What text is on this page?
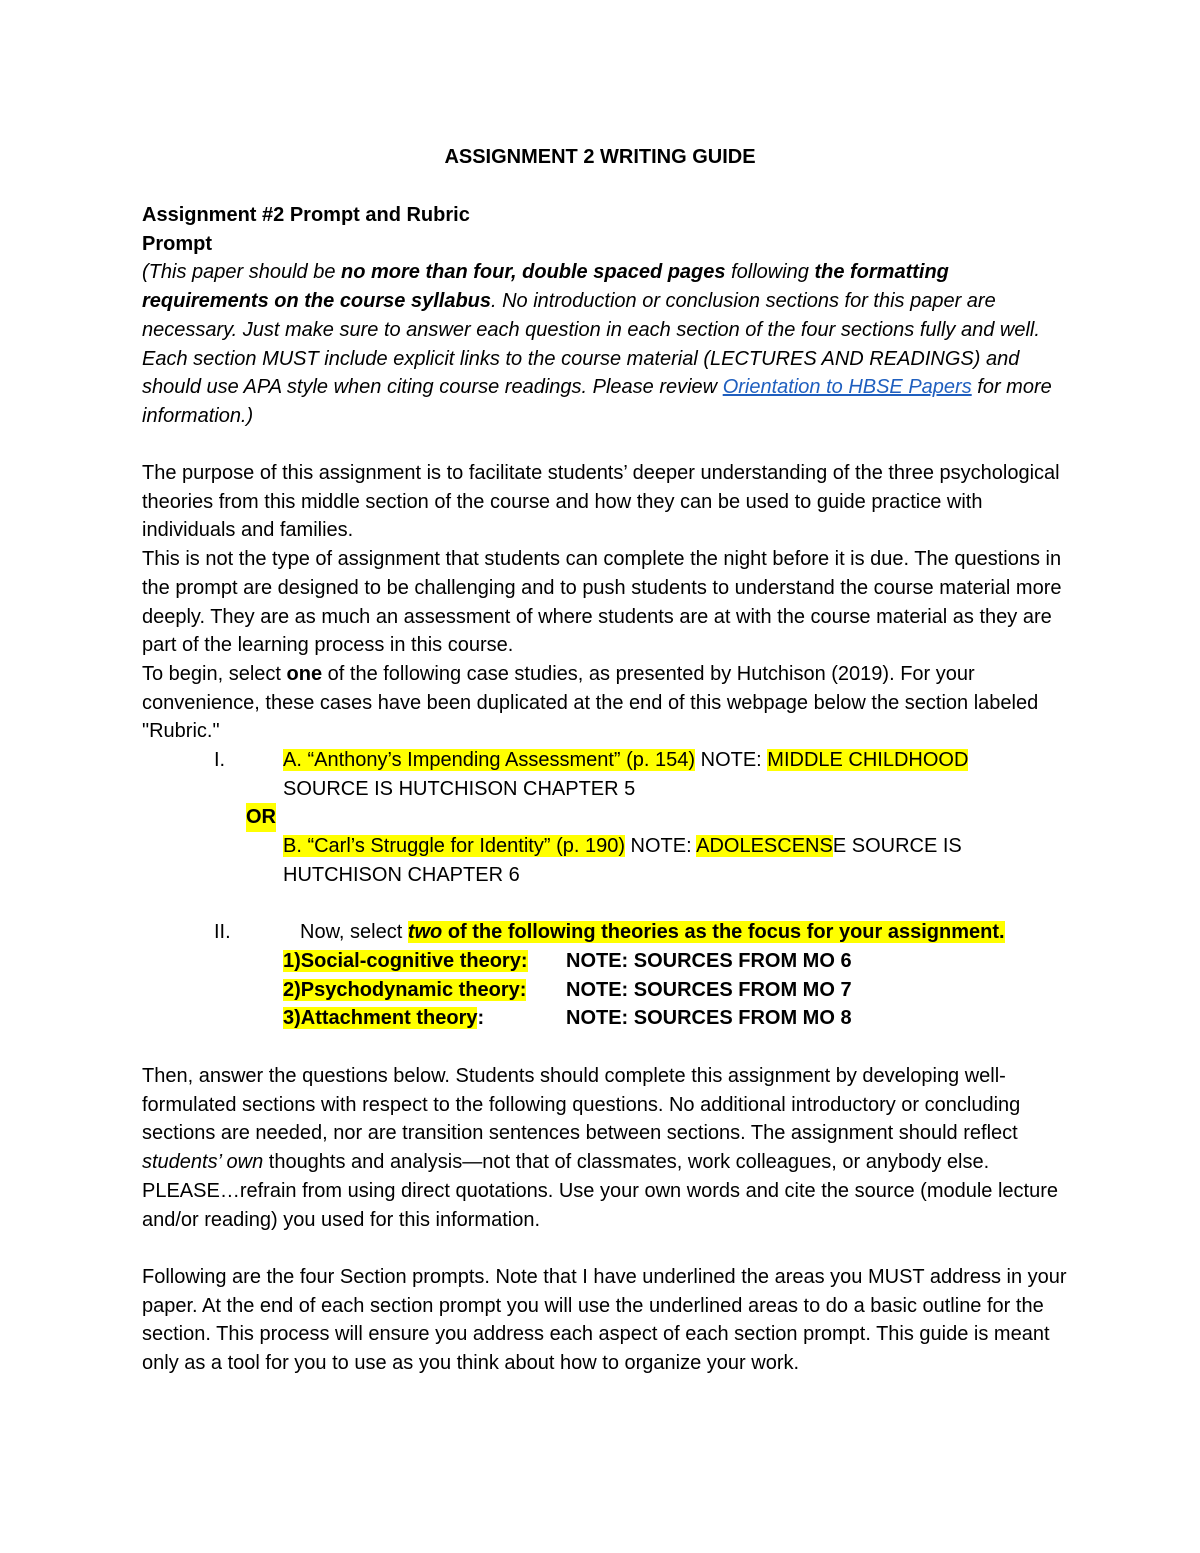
ASSIGNMENT 2 WRITING GUIDE
Assignment #2 Prompt and Rubric
Prompt
(This paper should be no more than four, double spaced pages following the formatting requirements on the course syllabus. No introduction or conclusion sections for this paper are necessary. Just make sure to answer each question in each section of the four sections fully and well. Each section MUST include explicit links to the course material (LECTURES AND READINGS) and should use APA style when citing course readings. Please review Orientation to HBSE Papers for more information.)
The purpose of this assignment is to facilitate students’ deeper understanding of the three psychological theories from this middle section of the course and how they can be used to guide practice with individuals and families.
This is not the type of assignment that students can complete the night before it is due. The questions in the prompt are designed to be challenging and to push students to understand the course material more deeply. They are as much an assessment of where students are at with the course material as they are part of the learning process in this course.
To begin, select one of the following case studies, as presented by Hutchison (2019). For your convenience, these cases have been duplicated at the end of this webpage below the section labeled "Rubric."
I.	A. “Anthony’s Impending Assessment” (p. 154) NOTE: MIDDLE CHILDHOOD
SOURCE IS HUTCHISON CHAPTER 5
OR
B. “Carl’s Struggle for Identity” (p. 190) NOTE: ADOLESCENSE SOURCE IS
HUTCHISON CHAPTER 6
II.	Now, select two of the following theories as the focus for your assignment.
1)Social-cognitive theory: NOTE: SOURCES FROM MO 6
2)Psychodynamic theory: NOTE: SOURCES FROM MO 7
3)Attachment theory:	NOTE: SOURCES FROM MO 8
Then, answer the questions below. Students should complete this assignment by developing well-formulated sections with respect to the following questions. No additional introductory or concluding sections are needed, nor are transition sentences between sections. The assignment should reflect students’ own thoughts and analysis—not that of classmates, work colleagues, or anybody else. PLEASE…refrain from using direct quotations. Use your own words and cite the source (module lecture and/or reading) you used for this information.
Following are the four Section prompts. Note that I have underlined the areas you MUST address in your paper. At the end of each section prompt you will use the underlined areas to do a basic outline for the section. This process will ensure you address each aspect of each section prompt. This guide is meant only as a tool for you to use as you think about how to organize your work.
